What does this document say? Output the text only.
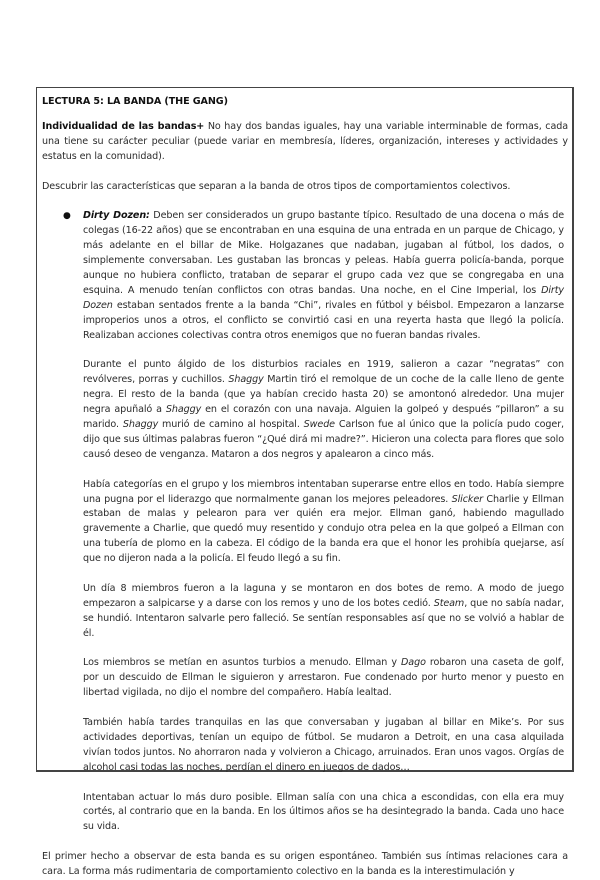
LECTURA 5: LA BANDA (THE GANG)

Individualidad de las bandas+ No hay dos bandas iguales, hay una variable interminable de formas, cada una tiene su carácter peculiar (puede variar en membresía, líderes, organización, intereses y actividades y estatus en la comunidad).

Descubrir las características que separan a la banda de otros tipos de comportamientos colectivos.

● Dirty Dozen: Deben ser considerados un grupo bastante típico. Resultado de una docena o más de colegas (16-22 años) que se encontraban en una esquina de una entrada en un parque de Chicago, y más adelante en el billar de Mike. Holgazanes que nadaban, jugaban al fútbol, los dados, o simplemente conversaban. Les gustaban las broncas y peleas. Había guerra policía-banda, porque aunque no hubiera conflicto, trataban de separar el grupo cada vez que se congregaba en una esquina. A menudo tenían conflictos con otras bandas. Una noche, en el Cine Imperial, los Dirty Dozen estaban sentados frente a la banda “Chi”, rivales en fútbol y béisbol. Empezaron a lanzarse improperios unos a otros, el conflicto se convirtió casi en una reyerta hasta que llegó la policía. Realizaban acciones colectivas contra otros enemigos que no fueran bandas rivales.

Durante el punto álgido de los disturbios raciales en 1919, salieron a cazar “negratas” con revólveres, porras y cuchillos. Shaggy Martin tiró el remolque de un coche de la calle lleno de gente negra. El resto de la banda (que ya habían crecido hasta 20) se amontonó alrededor. Una mujer negra apuñaló a Shaggy en el corazón con una navaja. Alguien la golpeó y después “pillaron” a su marido. Shaggy murió de camino al hospital. Swede Carlson fue al único que la policía pudo coger, dijo que sus últimas palabras fueron “¿Qué dirá mi madre?”. Hicieron una colecta para flores que solo causó deseo de venganza. Mataron a dos negros y apalearon a cinco más.

Había categorías en el grupo y los miembros intentaban superarse entre ellos en todo. Había siempre una pugna por el liderazgo que normalmente ganan los mejores peleadores. Slicker Charlie y Ellman estaban de malas y pelearon para ver quién era mejor. Ellman ganó, habiendo magullado gravemente a Charlie, que quedó muy resentido y condujo otra pelea en la que golpeó a Ellman con una tubería de plomo en la cabeza. El código de la banda era que el honor les prohibía quejarse, así que no dijeron nada a la policía. El feudo llegó a su fin.

Un día 8 miembros fueron a la laguna y se montaron en dos botes de remo. A modo de juego empezaron a salpicarse y a darse con los remos y uno de los botes cedió. Steam, que no sabía nadar, se hundió. Intentaron salvarle pero falleció. Se sentían responsables así que no se volvió a hablar de él.

Los miembros se metían en asuntos turbios a menudo. Ellman y Dago robaron una caseta de golf, por un descuido de Ellman le siguieron y arrestaron. Fue condenado por hurto menor y puesto en libertad vigilada, no dijo el nombre del compañero. Había lealtad.

También había tardes tranquilas en las que conversaban y jugaban al billar en Mike’s. Por sus actividades deportivas, tenían un equipo de fútbol. Se mudaron a Detroit, en una casa alquilada vivían todos juntos. No ahorraron nada y volvieron a Chicago, arruinados. Eran unos vagos. Orgías de alcohol casi todas las noches, perdían el dinero en juegos de dados…

Intentaban actuar lo más duro posible. Ellman salía con una chica a escondidas, con ella era muy cortés, al contrario que en la banda. En los últimos años se ha desintegrado la banda. Cada uno hace su vida.

El primer hecho a observar de esta banda es su origen espontáneo. También sus íntimas relaciones cara a cara. La forma más rudimentaria de comportamiento colectivo en la banda es la interestimulación y
